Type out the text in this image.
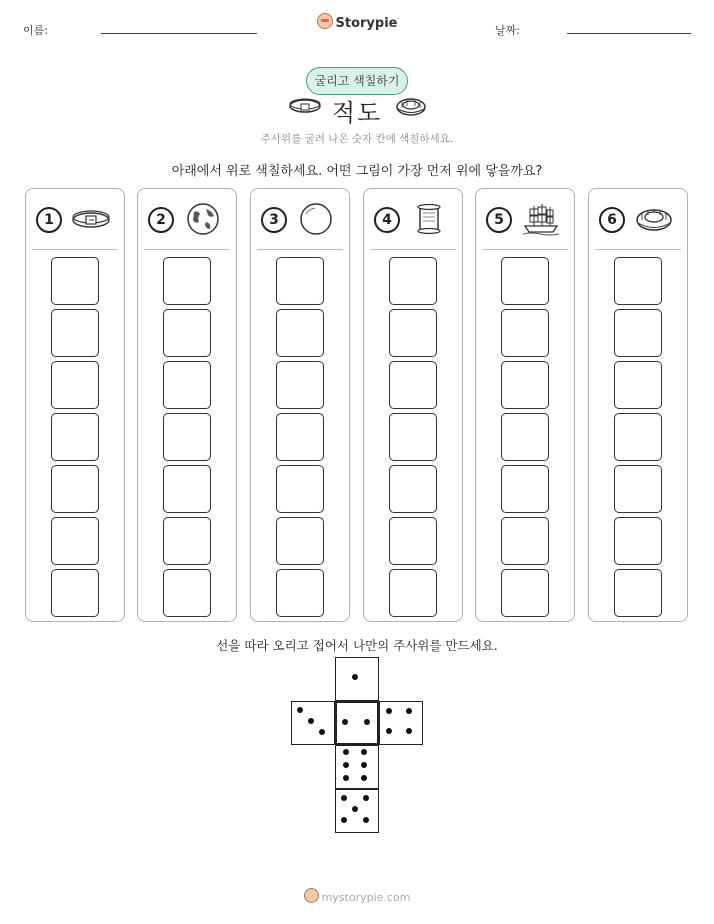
이름:	Storypie	날짜:
굴리고 색칠하기
적도
주사위를 굴려 나온 숫자 칸에 색칠하세요.
아래에서 위로 색칠하세요. 어떤 그림이 가장 먼저 위에 닿을까요?
1	2	3	4	5	6
선을 따라 오리고 접어서 나만의 주사위를 만드세요.
mystorypie.com
